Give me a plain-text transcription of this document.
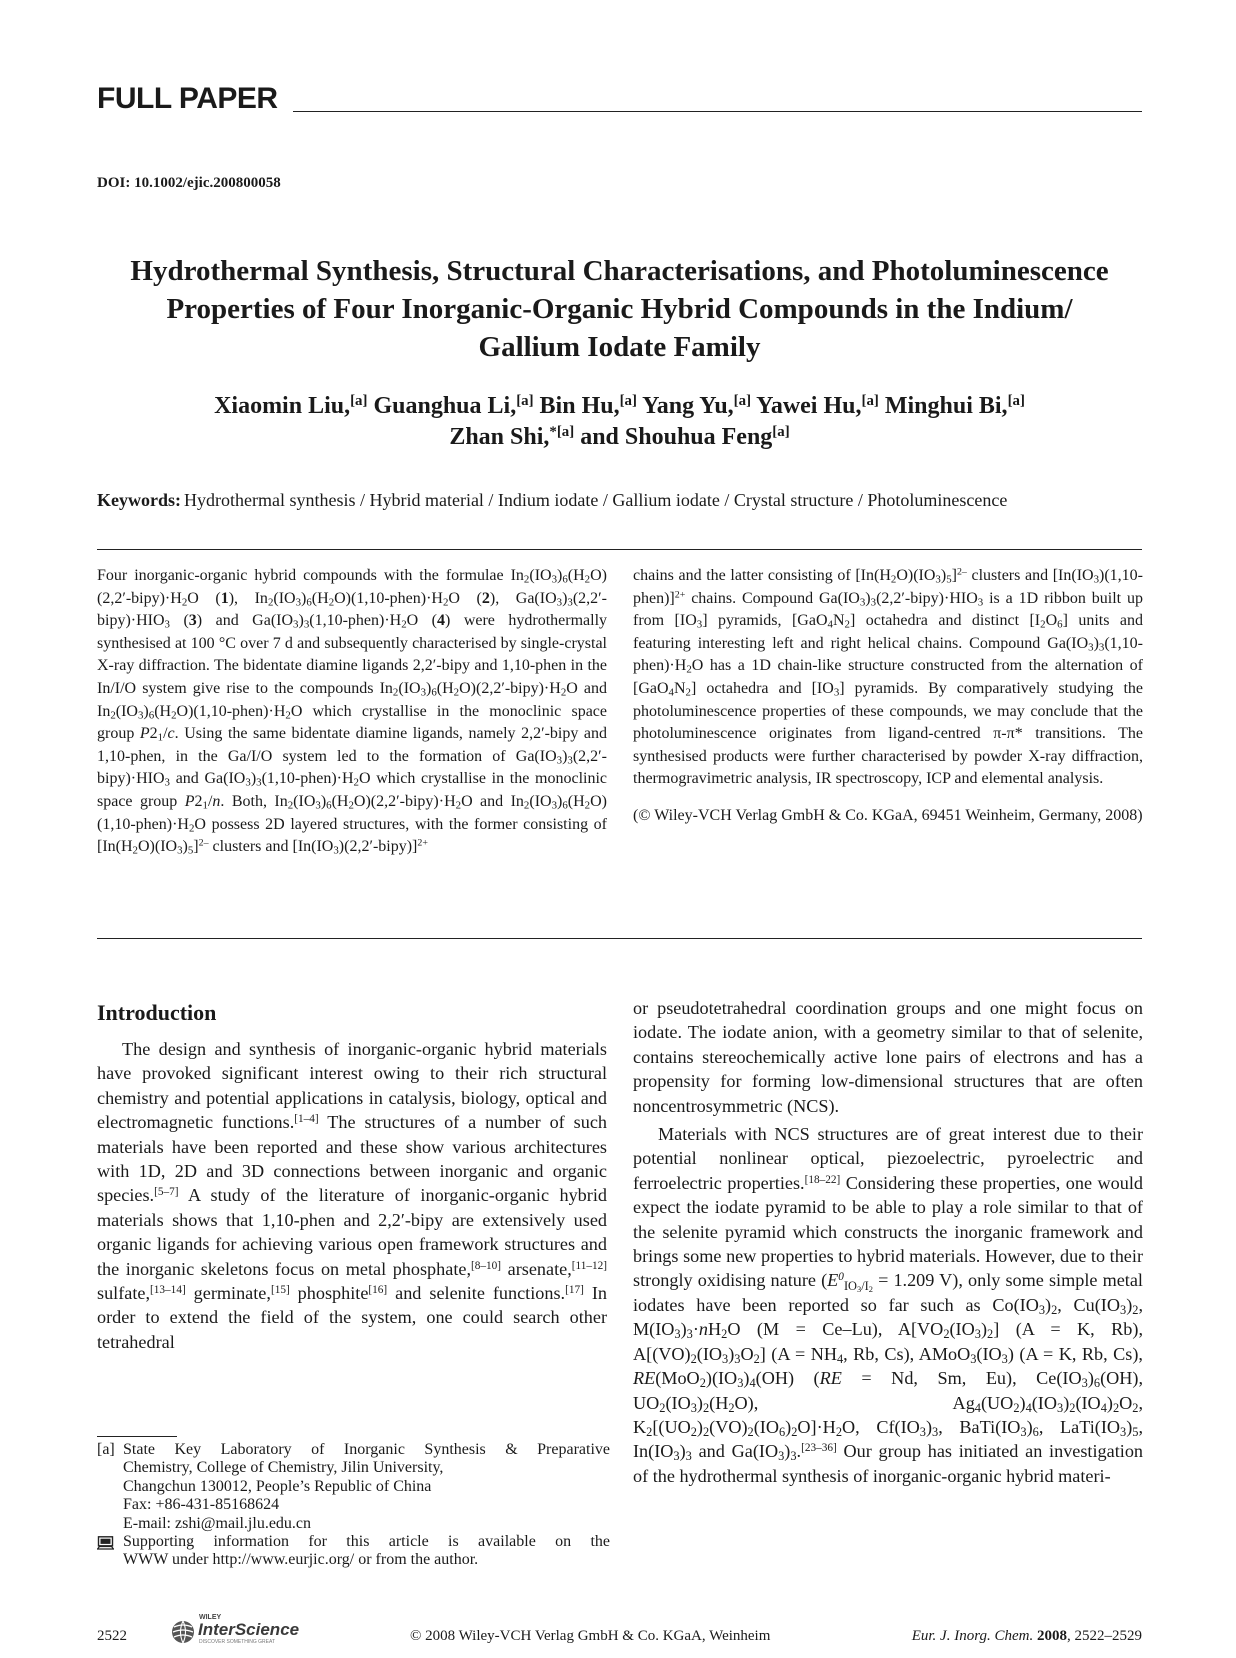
FULL PAPER
DOI: 10.1002/ejic.200800058
Hydrothermal Synthesis, Structural Characterisations, and Photoluminescence
Properties of Four Inorganic-Organic Hybrid Compounds in the Indium/
Gallium Iodate Family
Xiaomin Liu,[a] Guanghua Li,[a] Bin Hu,[a] Yang Yu,[a] Yawei Hu,[a] Minghui Bi,[a]
Zhan Shi,$^{*[a]}$ and Shouhua Feng[a]
Keywords: Hydrothermal synthesis / Hybrid material / Indium iodate / Gallium iodate / Crystal structure / Photoluminescence

Four inorganic-organic hybrid compounds with the formulae $In_2(IO_3)_6(H_2O)(2,2'-bipy)\cdot H_2O$ (1), $In_2(IO_3)_6(H_2O)(1,10-phen)\cdot H_2O$ (2), $Ga(IO_3)_3(2,2'-bipy)\cdot HIO_3$ (3) and $Ga(IO_3)_3(1,10-phen)\cdot H_2O$ (4) were hydrothermally synthesised at 100 °C over 7 d and subsequently characterised by single-crystal X-ray diffraction. The bidentate diamine ligands 2,2′-bipy and 1,10-phen in the In/I/O system give rise to the compounds $In_2(IO_3)_6(H_2O)(2,2'-bipy)\cdot H_2O$ and $In_2(IO_3)_6(H_2O)(1,10-phen)\cdot H_2O$ which crystallise in the monoclinic space group $P2_1/c$. Using the same bidentate diamine ligands, namely 2,2′-bipy and 1,10-phen, in the Ga/I/O system led to the formation of $Ga(IO_3)_3(2,2'-bipy)\cdot HIO_3$ and $Ga(IO_3)_3(1,10-phen)\cdot H_2O$ which crystallise in the monoclinic space group $P2_1/n$. Both, $In_2(IO_3)_6(H_2O)(2,2'-bipy)\cdot H_2O$ and $In_2(IO_3)_6(H_2O)(1,10-phen)\cdot H_2O$ possess 2D layered structures, with the former consisting of $[In(H_2O)(IO_3)_5]^{2-}$ clusters and $[In(IO_3)(2,2'-bipy)]^{2+}$

chains and the latter consisting of $[In(H_2O)(IO_3)_5]^{2-}$ clusters and $[In(IO_3)(1,10-phen)]^{2+}$ chains. Compound $Ga(IO_3)_3(2,2'-bipy)\cdot HIO_3$ is a 1D ribbon built up from $[IO_3]$ pyramids, $[GaO_4N_2]$ octahedra and distinct $[I_2O_6]$ units and featuring interesting left and right helical chains. Compound $Ga(IO_3)_3(1,10-phen)\cdot H_2O$ has a 1D chain-like structure constructed from the alternation of $[GaO_4N_2]$ octahedra and $[IO_3]$ pyramids. By comparatively studying the photoluminescence properties of these compounds, we may conclude that the photoluminescence originates from ligand-centred π-π* transitions. The synthesised products were further characterised by powder X-ray diffraction, thermogravimetric analysis, IR spectroscopy, ICP and elemental analysis.

(© Wiley-VCH Verlag GmbH & Co. KGaA, 69451 Weinheim, Germany, 2008)

Introduction

The design and synthesis of inorganic-organic hybrid materials have provoked significant interest owing to their rich structural chemistry and potential applications in catalysis, biology, optical and electromagnetic functions.[1–4] The structures of a number of such materials have been reported and these show various architectures with 1D, 2D and 3D connections between inorganic and organic species.[5–7] A study of the literature of inorganic-organic hybrid materials shows that 1,10-phen and 2,2′-bipy are extensively used organic ligands for achieving various open framework structures and the inorganic skeletons focus on metal phosphate,[8–10] arsenate,[11–12] sulfate,[13–14] germinate,[15] phosphite[16] and selenite functions.[17] In order to extend the field of the system, one could search other tetrahedral

or pseudotetrahedral coordination groups and one might focus on iodate. The iodate anion, with a geometry similar to that of selenite, contains stereochemically active lone pairs of electrons and has a propensity for forming low-dimensional structures that are often noncentrosymmetric (NCS).

Materials with NCS structures are of great interest due to their potential nonlinear optical, piezoelectric, pyroelectric and ferroelectric properties.[18–22] Considering these properties, one would expect the iodate pyramid to be able to play a role similar to that of the selenite pyramid which constructs the inorganic framework and brings some new properties to hybrid materials. However, due to their strongly oxidising nature ($E^0_{IO_3/I_2} = 1.209$ V), only some simple metal iodates have been reported so far such as $Co(IO_3)_2$, $Cu(IO_3)_2$, $M(IO_3)_3\cdot nH_2O$ (M = Ce–Lu), $A[VO_2(IO_3)_2] (A = K$, Rb), $A[(VO)_2(IO_3)_3O_2] (A = NH_4$, Rb, Cs), $AMoO_3(IO_3) (A = K$, Rb, Cs), $RE(MoO_2)(IO_3)_4(OH) (RE = Nd$, Sm, Eu), $Ce(IO_3)_6(OH)$, $UO_2(IO_3)_2(H_2O)$, $Ag_4(UO_2)_4(IO_3)_2(IO_4)_2O_2$, $K_2[(UO_2)_2(VO)_2(IO_6)_2O]\cdot H_2O$, $Cf(IO_3)_3$, $BaTi(IO_3)_6$, $LaTi(IO_3)_5$, $In(IO_3)_3$ and $Ga(IO_3)_3.[23-36]$ Our group has initiated an investigation of the hydrothermal synthesis of inorganic-organic hybrid materi-

[a] State Key Laboratory of Inorganic Synthesis & Preparative
Chemistry, College of Chemistry, Jilin University,
Changchun 130012, People’s Republic of China
Fax: +86-431-85168624
E-mail: zshi@mail.jlu.edu.cn
Supporting information for this article is available on the
WWW under http://www.eurjic.org/ or from the author.
2522
WILEY
InterScience
DISCOVER SOMETHING GREAT	© 2008 Wiley-VCH Verlag GmbH & Co. KGaA, Weinheim	Eur. J. Inorg. Chem. 2008, 2522–2529
